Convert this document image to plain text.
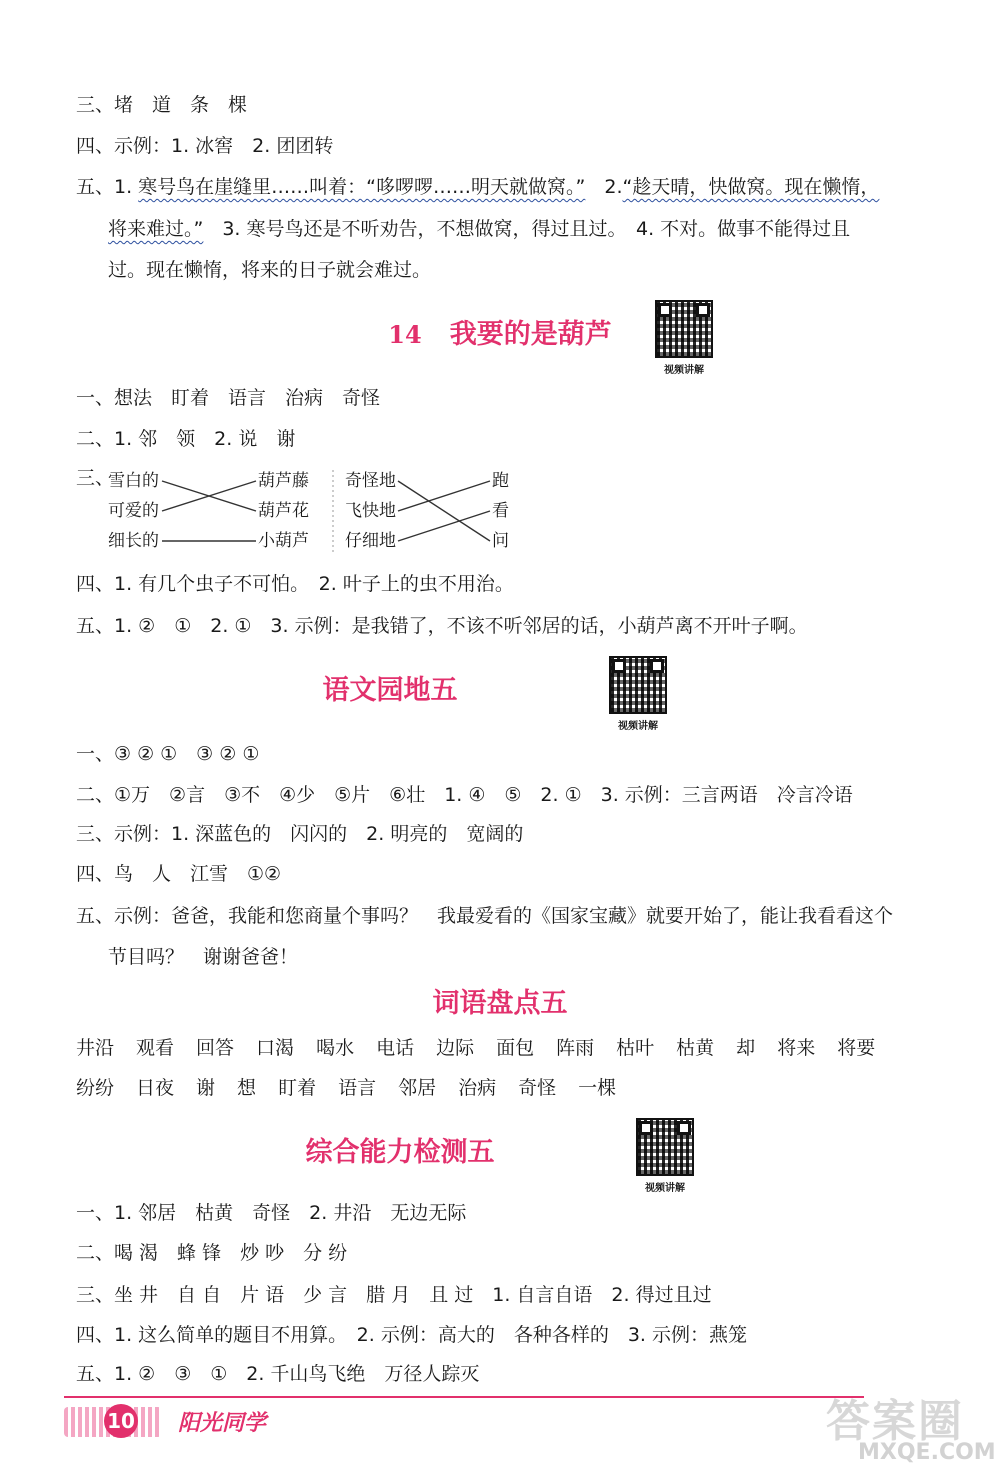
三、堵　道　条　棵
四、示例：1. 冰窖　2. 团团转
五、1. 寒号鸟在崖缝里……叫着：“哆啰啰……明天就做窝。”　2.“趁天晴，快做窝。现在懒惰，
将来难过。”　3. 寒号鸟还是不听劝告，不想做窝，得过且过。　4. 不对。做事不能得过且
过。现在懒惰，将来的日子就会难过。
14 我要的是葫芦
视频讲解
一、想法　盯着　语言　治病　奇怪
二、1. 邻　领　2. 说　谢
三、
雪白的
可爱的
细长的
葫芦藤
葫芦花
小葫芦
奇怪地
飞快地
仔细地
跑
看
问
四、1. 有几个虫子不可怕。　2. 叶子上的虫不用治。
五、1. ②　①　2. ①　3. 示例：是我错了，不该不听邻居的话，小葫芦离不开叶子啊。
语文园地五
视频讲解
一、③ ② ①　③ ② ①
二、①万　②言　③不　④少　⑤片　⑥壮　1. ④　⑤　2. ①　3. 示例：三言两语　冷言冷语
三、示例：1. 深蓝色的　闪闪的　2. 明亮的　宽阔的
四、鸟　人　江雪　①②
五、示例：爸爸，我能和您商量个事吗？　我最爱看的《国家宝藏》就要开始了，能让我看看这个
节目吗？　谢谢爸爸！
词语盘点五
井沿 观看 回答 口渴 喝水 电话 边际 面包 阵雨 枯叶 枯黄 却 将来 将要
纷纷 日夜 谢 想 盯着 语言 邻居 治病 奇怪 一棵
综合能力检测五
视频讲解
一、1. 邻居　枯黄　奇怪　2. 井沿　无边无际
二、喝 渴　蜂 锋　炒 吵　分 纷
三、坐 井　自 自　片 语　少 言　腊 月　且 过　1. 自言自语　2. 得过且过
四、1. 这么简单的题目不用算。　2. 示例：高大的　各种各样的　3. 示例：燕笼
五、1. ②　③　①　2. 千山鸟飞绝　万径人踪灭
10 阳光同学	答案圈
MXQE.COM
